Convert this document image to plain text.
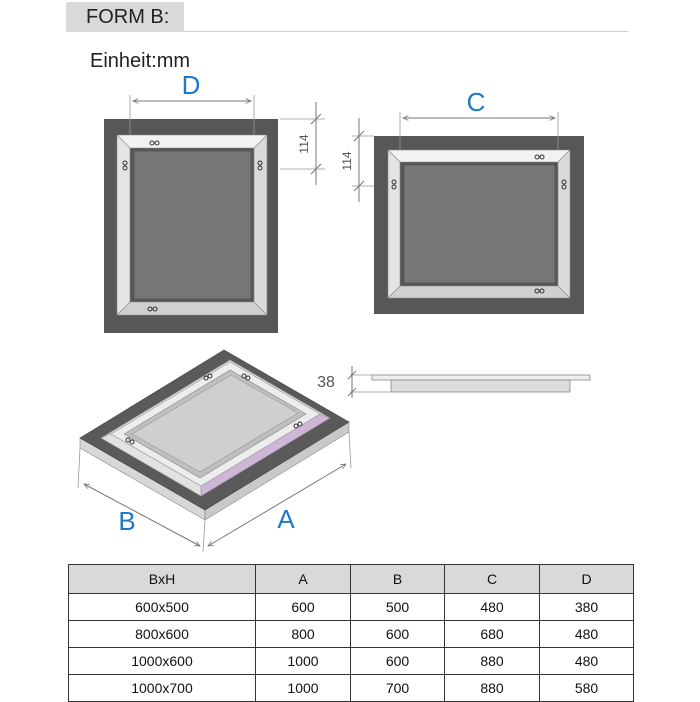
FORM B:
Einheit:mm
D
114
C
114
38
B	A
BxH	A	B	C	D
600x500	600	500	480	380
800x600	800	600	680	480
1000x600	1000	600	880	480
1000x700	1000	700	880	580
